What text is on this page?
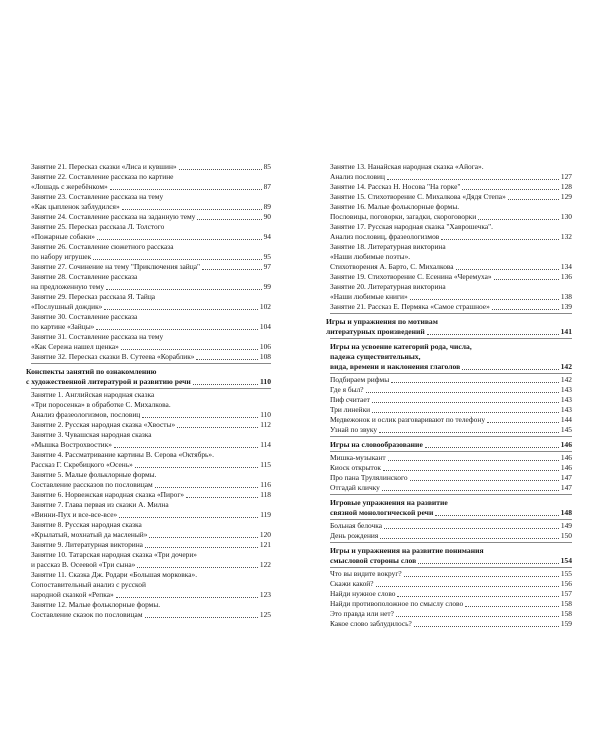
Занятие 21. Пересказ сказки «Лиса и кувшин»	85
Занятие 22. Составление рассказа по картине
«Лошадь с жеребёнком»	87
Занятие 23. Составление рассказа на тему
«Как цыпленок заблудился»	89
Занятие 24. Составление рассказа на заданную тему	90
Занятие 25. Пересказ рассказа Л. Толстого
«Пожарные собаки»	94
Занятие 26. Составление сюжетного рассказа
по набору игрушек	95
Занятие 27. Сочинение на тему "Приключения зайца"	97
Занятие 28. Составление рассказа
на предложенную тему	99
Занятие 29. Пересказ рассказа Я. Тайца
«Послушный дождик»	102
Занятие 30. Составление рассказа
по картине «Зайцы»	104
Занятие 31. Составление рассказа на тему
«Как Сережа нашел щенка»	106
Занятие 32. Пересказ сказки В. Сутеева «Кораблик»	108
Конспекты занятий по ознакомлению
с художественной литературой и развитию речи	110
Занятие 1. Английская народная сказка
«Три поросенка» в обработке С. Михалкова.
Анализ фразеологизмов, пословиц	110
Занятие 2. Русская народная сказка «Хвосты»	112
Занятие 3. Чувашская народная сказка
«Мышка Вострохвостик»	114
Занятие 4. Рассматривание картины В. Серова «Октябрь».
Рассказ Г. Скребицкого «Осень»	115
Занятие 5. Малые фольклорные формы.
Составление рассказов по пословицам	116
Занятие 6. Норвежская народная сказка «Пирог»	118
Занятие 7. Глава первая из сказки А. Милна
«Винни-Пух и все-все-все»	119
Занятие 8. Русская народная сказка
«Крылатый, мохнатый да масленый»	120
Занятие 9. Литературная викторина	121
Занятие 10. Татарская народная сказка «Три дочери»
и рассказ В. Осеевой «Три сына»	122
Занятие 11. Сказка Дж. Родари «Большая морковка».
Сопоставительный анализ с русской
народной сказкой «Репка»	123
Занятие 12. Малые фольклорные формы.
Составление сказок по пословицам	125
Занятие 13. Нанайская народная сказка «Айога».
Анализ пословиц	127
Занятие 14. Рассказ Н. Носова "На горке"	128
Занятие 15. Стихотворение С. Михалкова «Дядя Степа»	129
Занятие 16. Малые фольклорные формы.
Пословицы, поговорки, загадки, скороговорки	130
Занятие 17. Русская народная сказка "Хаврошечка".
Анализ пословиц, фразеологизмов	132
Занятие 18. Литературная викторина
«Наши любимые поэты».
Стихотворения А. Барто, С. Михалкова	134
Занятие 19. Стихотворение С. Есенина «Черемуха»	136
Занятие 20. Литературная викторина
«Наши любимые книги»	138
Занятие 21. Рассказ Е. Пермяка «Самое страшное»	139
Игры и упражнения по мотивам
литературных произведений	141
Игры на усвоение категорий рода, числа,
падежа существительных,
вида, времени и наклонения глаголов	142
Подбираем рифмы	142
Где я был?	143
Пиф считает	143
Три линейки	143
Медвежонок и ослик разговаривают по телефону	144
Узнай по звуку	145
Игры на словообразование	146
Мишка-музыкант	146
Киоск открыток	146
Про пана Трулялинского	147
Отгадай кличку	147
Игровые упражнения на развитие
связной монологической речи	148
Больная белочка	149
День рождения	150
Игры и упражнения на развитие понимания
смысловой стороны слов	154
Что вы видите вокруг?	155
Скажи какой?	156
Найди нужное слово	157
Найди противоположное по смыслу слово	158
Это правда или нет?	158
Какое слово заблудилось?	159
